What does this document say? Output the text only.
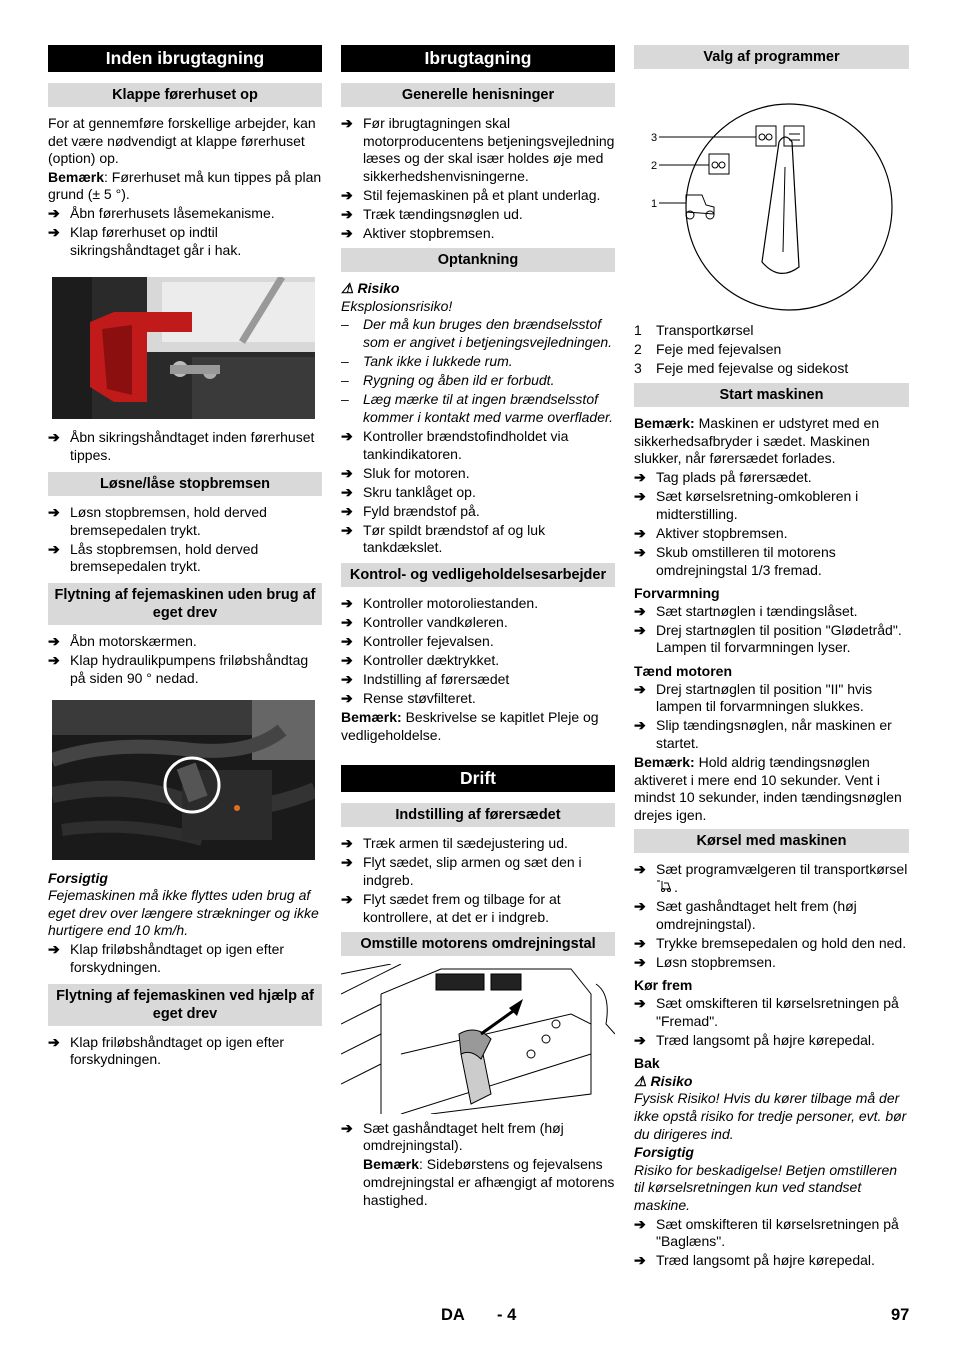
Inden ibrugtagning
Klappe førerhuset op
For at gennemføre forskellige arbejder, kan det være nødvendigt at klappe førerhuset (option) op.
Bemærk: Førerhuset må kun tippes på plan grund (± 5 °).
➔ Åbn førerhusets låsemekanisme.
➔ Klap førerhuset op indtil sikringshåndtaget går i hak.
➔ Åbn sikringshåndtaget inden førerhuset tippes.
Løsne/låse stopbremsen
➔ Løsn stopbremsen, hold derved bremsepedalen trykt.
➔ Lås stopbremsen, hold derved bremsepedalen trykt.
Flytning af fejemaskinen uden brug af eget drev
➔ Åbn motorskærmen.
➔ Klap hydraulikpumpens friløbshåndtag på siden 90 ° nedad.
Forsigtig
Fejemaskinen må ikke flyttes uden brug af eget drev over længere strækninger og ikke hurtigere end 10 km/h.
➔ Klap friløbshåndtaget op igen efter forskydningen.
Flytning af fejemaskinen ved hjælp af eget drev
➔ Klap friløbshåndtaget op igen efter forskydningen.
Ibrugtagning
Generelle henisninger
➔ Før ibrugtagningen skal motorproducentens betjeningsvejledning læses og der skal især holdes øje med sikkerhedshenvisningerne.
➔ Stil fejemaskinen på et plant underlag.
➔ Træk tændingsnøglen ud.
➔ Aktiver stopbremsen.
Optankning
⚠ Risiko
Eksplosionsrisiko!
– Der må kun bruges den brændselsstof som er angivet i betjeningsvejledningen.
– Tank ikke i lukkede rum.
– Rygning og åben ild er forbudt.
– Læg mærke til at ingen brændselsstof kommer i kontakt med varme overflader.
➔ Kontroller brændstofindholdet via tankindikatoren.
➔ Sluk for motoren.
➔ Skru tanklåget op.
➔ Fyld brændstof på.
➔ Tør spildt brændstof af og luk tankdækslet.
Kontrol- og vedligeholdelsesarbejder
➔ Kontroller motoroliestanden.
➔ Kontroller vandkøleren.
➔ Kontroller fejevalsen.
➔ Kontroller dæktrykket.
➔ Indstilling af førersædet
➔ Rense støvfilteret.
Bemærk: Beskrivelse se kapitlet Pleje og vedligeholdelse.
Drift
Indstilling af førersædet
➔ Træk armen til sædejustering ud.
➔ Flyt sædet, slip armen og sæt den i indgreb.
➔ Flyt sædet frem og tilbage for at kontrollere, at det er i indgreb.
Omstille motorens omdrejningstal
➔ Sæt gashåndtaget helt frem (høj omdrejningstal).
Bemærk: Sidebørstens og fejevalsens omdrejningstal er afhængigt af motorens hastighed.
Valg af programmer
3
2
1
1 Transportkørsel
2 Feje med fejevalsen
3 Feje med fejevalse og sidekost
Start maskinen
Bemærk: Maskinen er udstyret med en sikkerhedsafbryder i sædet. Maskinen slukker, når førersædet forlades.
➔ Tag plads på førersædet.
➔ Sæt kørselsretning-omkobleren i midterstilling.
➔ Aktiver stopbremsen.
➔ Skub omstilleren til motorens omdrejningstal 1/3 fremad.
Forvarmning
➔ Sæt startnøglen i tændingslåset.
➔ Drej startnøglen til position "Glødetråd". Lampen til forvarmningen lyser.
Tænd motoren
➔ Drej startnøglen til position "II" hvis lampen til forvarmningen slukkes.
➔ Slip tændingsnøglen, når maskinen er startet.
Bemærk: Hold aldrig tændingsnøglen aktiveret i mere end 10 sekunder. Vent i mindst 10 sekunder, inden tændingsnøglen drejes igen.
Kørsel med maskinen
➔ Sæt programvælgeren til transportkørsel .
➔ Sæt gashåndtaget helt frem (høj omdrejningstal).
➔ Trykke bremsepedalen og hold den ned.
➔ Løsn stopbremsen.
Kør frem
➔ Sæt omskifteren til kørselsretningen på "Fremad".
➔ Træd langsomt på højre kørepedal.
Bak
⚠ Risiko
Fysisk Risiko! Hvis du kører tilbage må der ikke opstå risiko for tredje personer, evt. bør du dirigeres ind.
Forsigtig
Risiko for beskadigelse! Betjen omstilleren til kørselsretningen kun ved standset maskine.
➔ Sæt omskifteren til kørselsretningen på "Baglæns".
➔ Træd langsomt på højre kørepedal.
DA - 4	97
